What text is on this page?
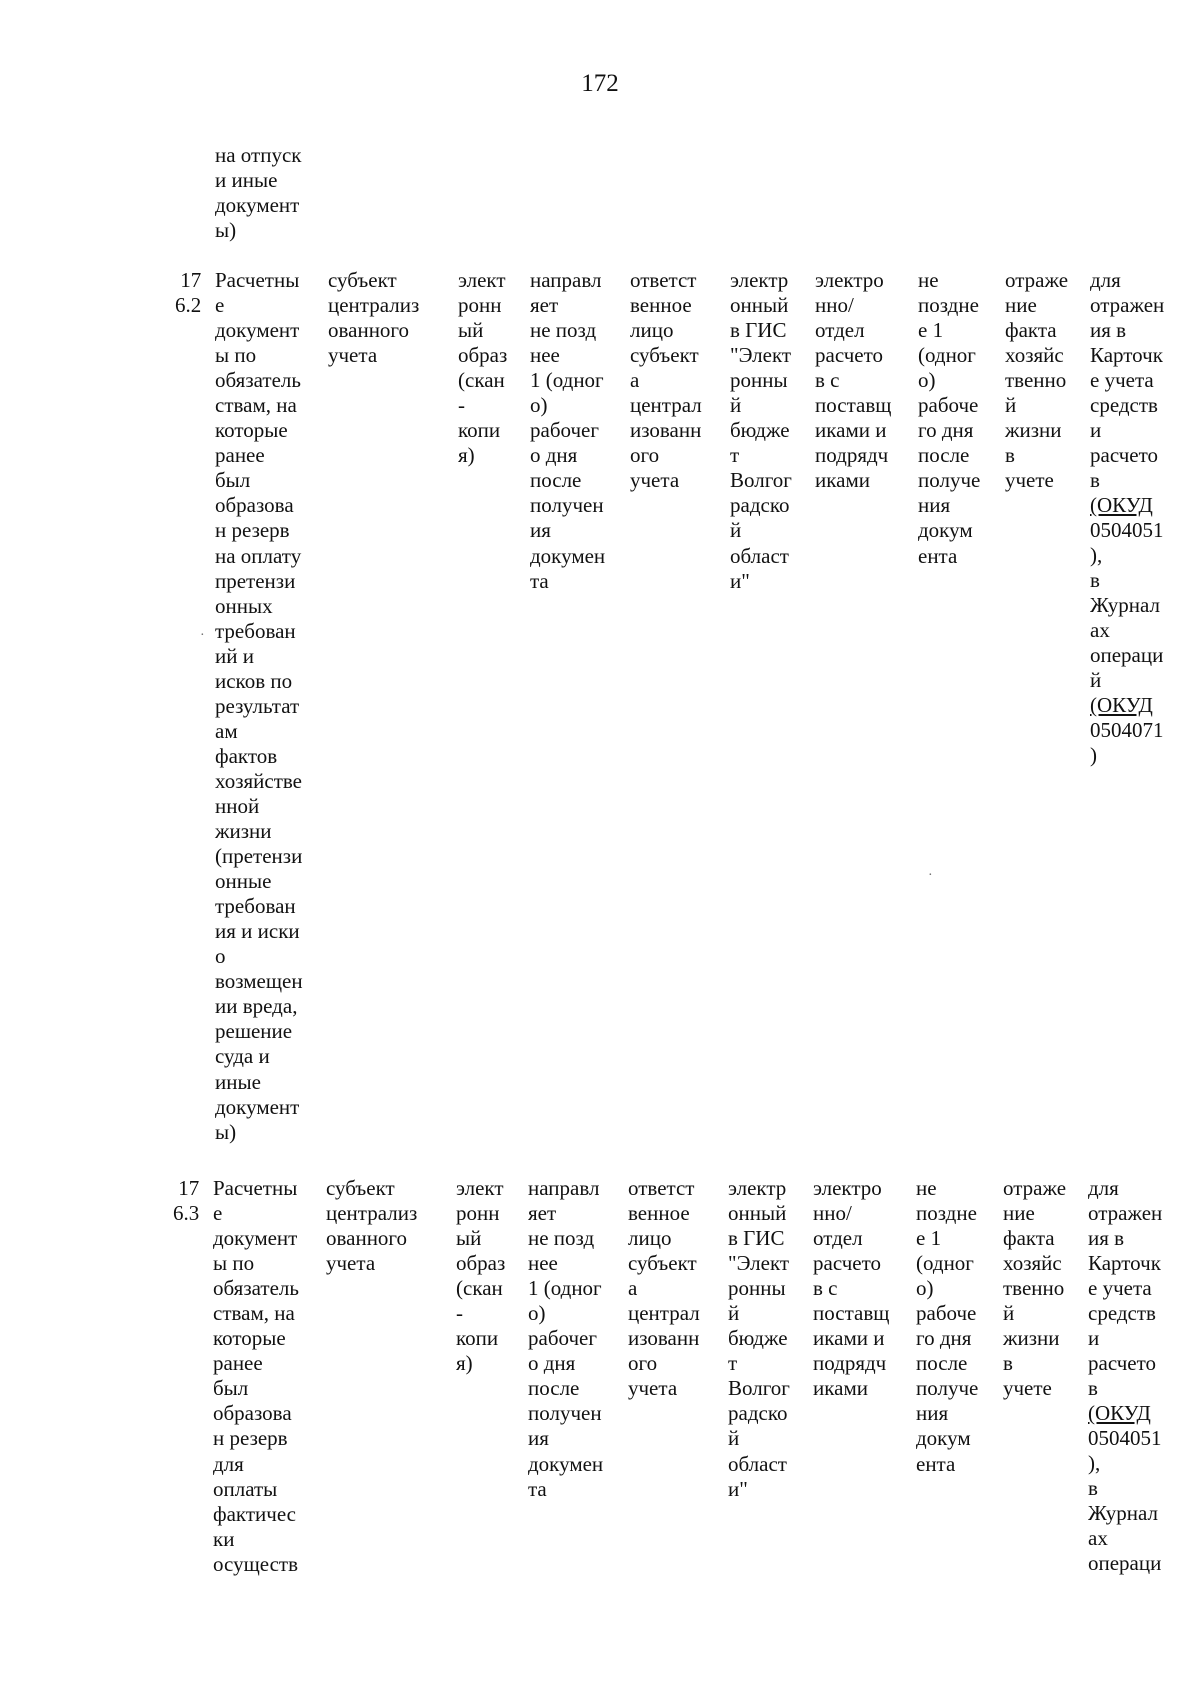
172
на отпуск
и иные
документ
ы)
17
6.2
Расчетны
е
документ
ы по
обязатель
ствам, на
которые
ранее
был
образова
н резерв
на оплату
претензи
онных
требован
ий и
исков по
результат
ам
фактов
хозяйстве
нной
жизни
(претензи
онные
требован
ия и иски
о
возмещен
ии вреда,
решение
суда и
иные
документ
ы)
субъект
централиз
ованного
учета
элект
ронн
ый
образ
(скан
-
копи
я)
направл
яет
не позд
нее
1 (одног
о)
рабочег
о дня
после
получен
ия
докумен
та
ответст
венное
лицо
субъект
а
централ
изованн
ого
учета
электр
онный
в ГИС
"Элект
ронны
й
бюдже
т
Волгог
радско
й
област
и"
электро
нно/
отдел
расчето
в с
поставщ
иками и
подрядч
иками
не
поздне
е 1
(одног
о)
рабоче
го дня
после
получе
ния
докум
ента
отраже
ние
факта
хозяйс
твенно
й
жизни
в
учете
для
отражен
ия в
Карточк
е учета
средств
и
расчето
в
(ОКУД
0504051
),
в
Журнал
ах
операци
й
(ОКУД
0504071
)
17
6.3
Расчетны
е
документ
ы по
обязатель
ствам, на
которые
ранее
был
образова
н резерв
для
оплаты
фактичес
ки
осуществ
субъект
централиз
ованного
учета
элект
ронн
ый
образ
(скан
-
копи
я)
направл
яет
не позд
нее
1 (одног
о)
рабочег
о дня
после
получен
ия
докумен
та
ответст
венное
лицо
субъект
а
централ
изованн
ого
учета
электр
онный
в ГИС
"Элект
ронны
й
бюдже
т
Волгог
радско
й
област
и"
электро
нно/
отдел
расчето
в с
поставщ
иками и
подрядч
иками
не
поздне
е 1
(одног
о)
рабоче
го дня
после
получе
ния
докум
ента
отраже
ние
факта
хозяйс
твенно
й
жизни
в
учете
для
отражен
ия в
Карточк
е учета
средств
и
расчето
в
(ОКУД
0504051
),
в
Журнал
ах
операци
·
·
